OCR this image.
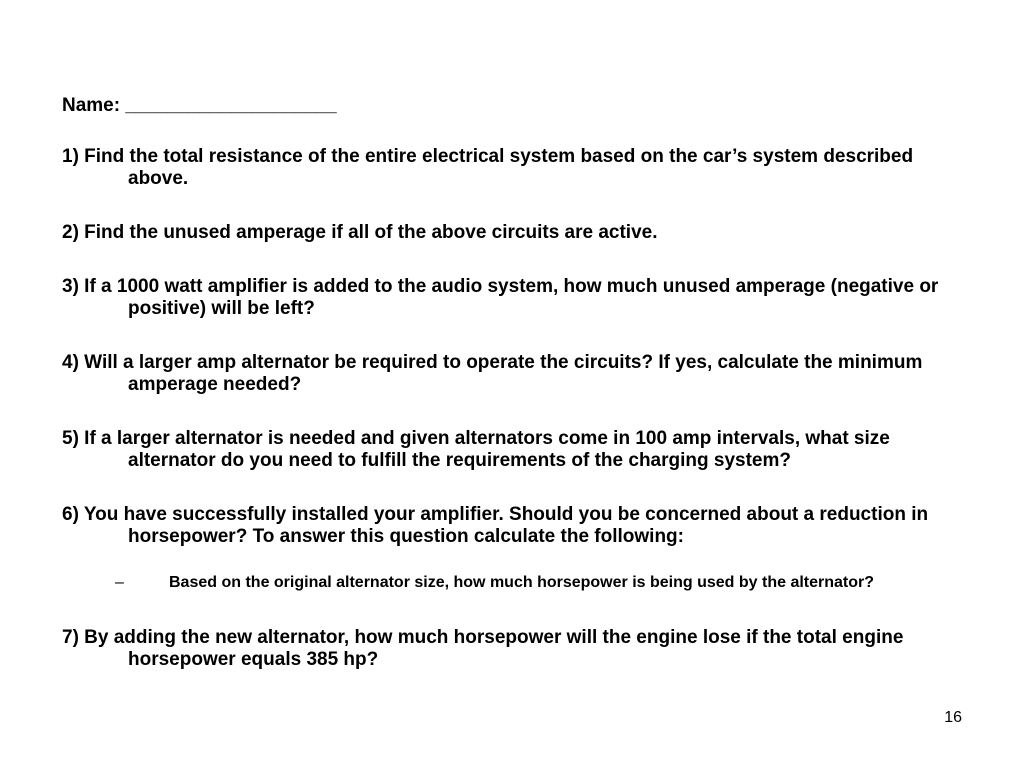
Name: ____________________
1) Find the total resistance of the entire electrical system based on the car’s system described above.
2) Find the unused amperage if all of the above circuits are active.
3) If a 1000 watt amplifier is added to the audio system, how much unused amperage (negative or positive) will be left?
4) Will a larger amp alternator be required to operate the circuits? If yes, calculate the minimum amperage needed?
5) If a larger alternator is needed and given alternators come in 100 amp intervals, what size alternator do you need to fulfill the requirements of the charging system?
6) You have successfully installed your amplifier. Should you be concerned about a reduction in horsepower? To answer this question calculate the following:
–	Based on the original alternator size, how much horsepower is being used by the alternator?
7) By adding the new alternator, how much horsepower will the engine lose if the total engine horsepower equals 385 hp?
16
